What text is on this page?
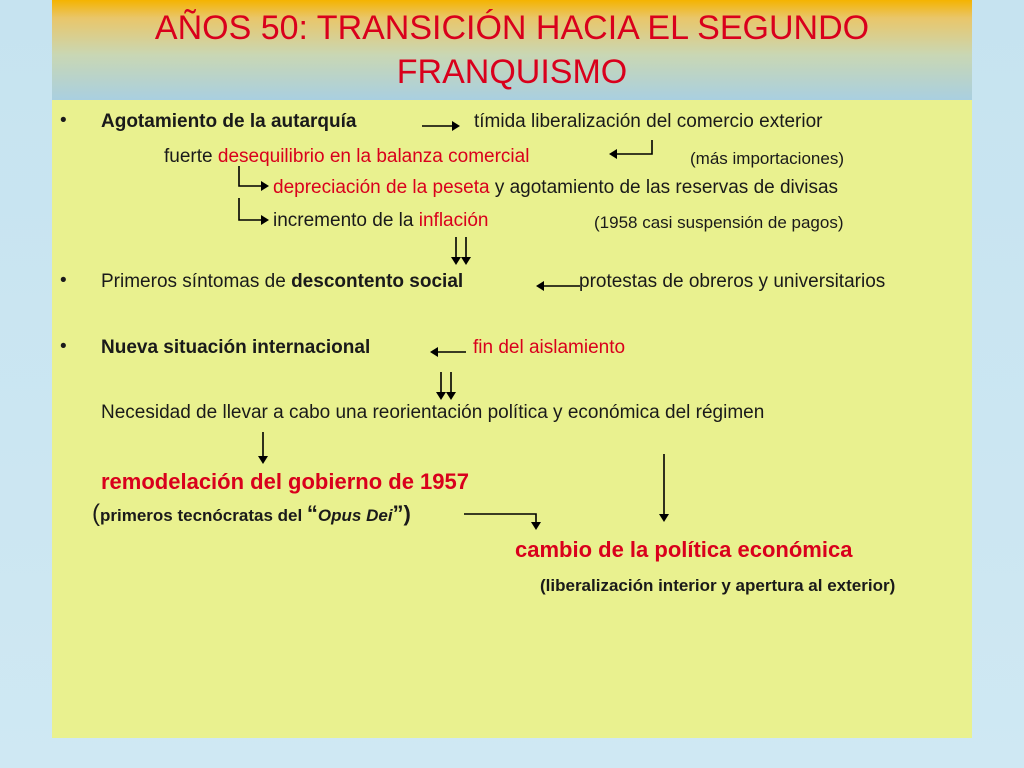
AÑOS 50: TRANSICIÓN HACIA EL SEGUNDO FRANQUISMO
• Agotamiento de la autarquía	tímida liberalización del comercio exterior
fuerte desequilibrio en la balanza comercial	(más importaciones)
depreciación de la peseta y agotamiento de las reservas de divisas
incremento de la inflación	(1958 casi suspensión de pagos)
• Primeros síntomas de descontento social	protestas de obreros y universitarios
• Nueva situación internacional	fin del aislamiento
Necesidad de llevar a cabo una reorientación política y económica del régimen
remodelación del gobierno de 1957
(primeros tecnócratas del “Opus Dei”)
cambio de la política económica
(liberalización interior y apertura al exterior)
